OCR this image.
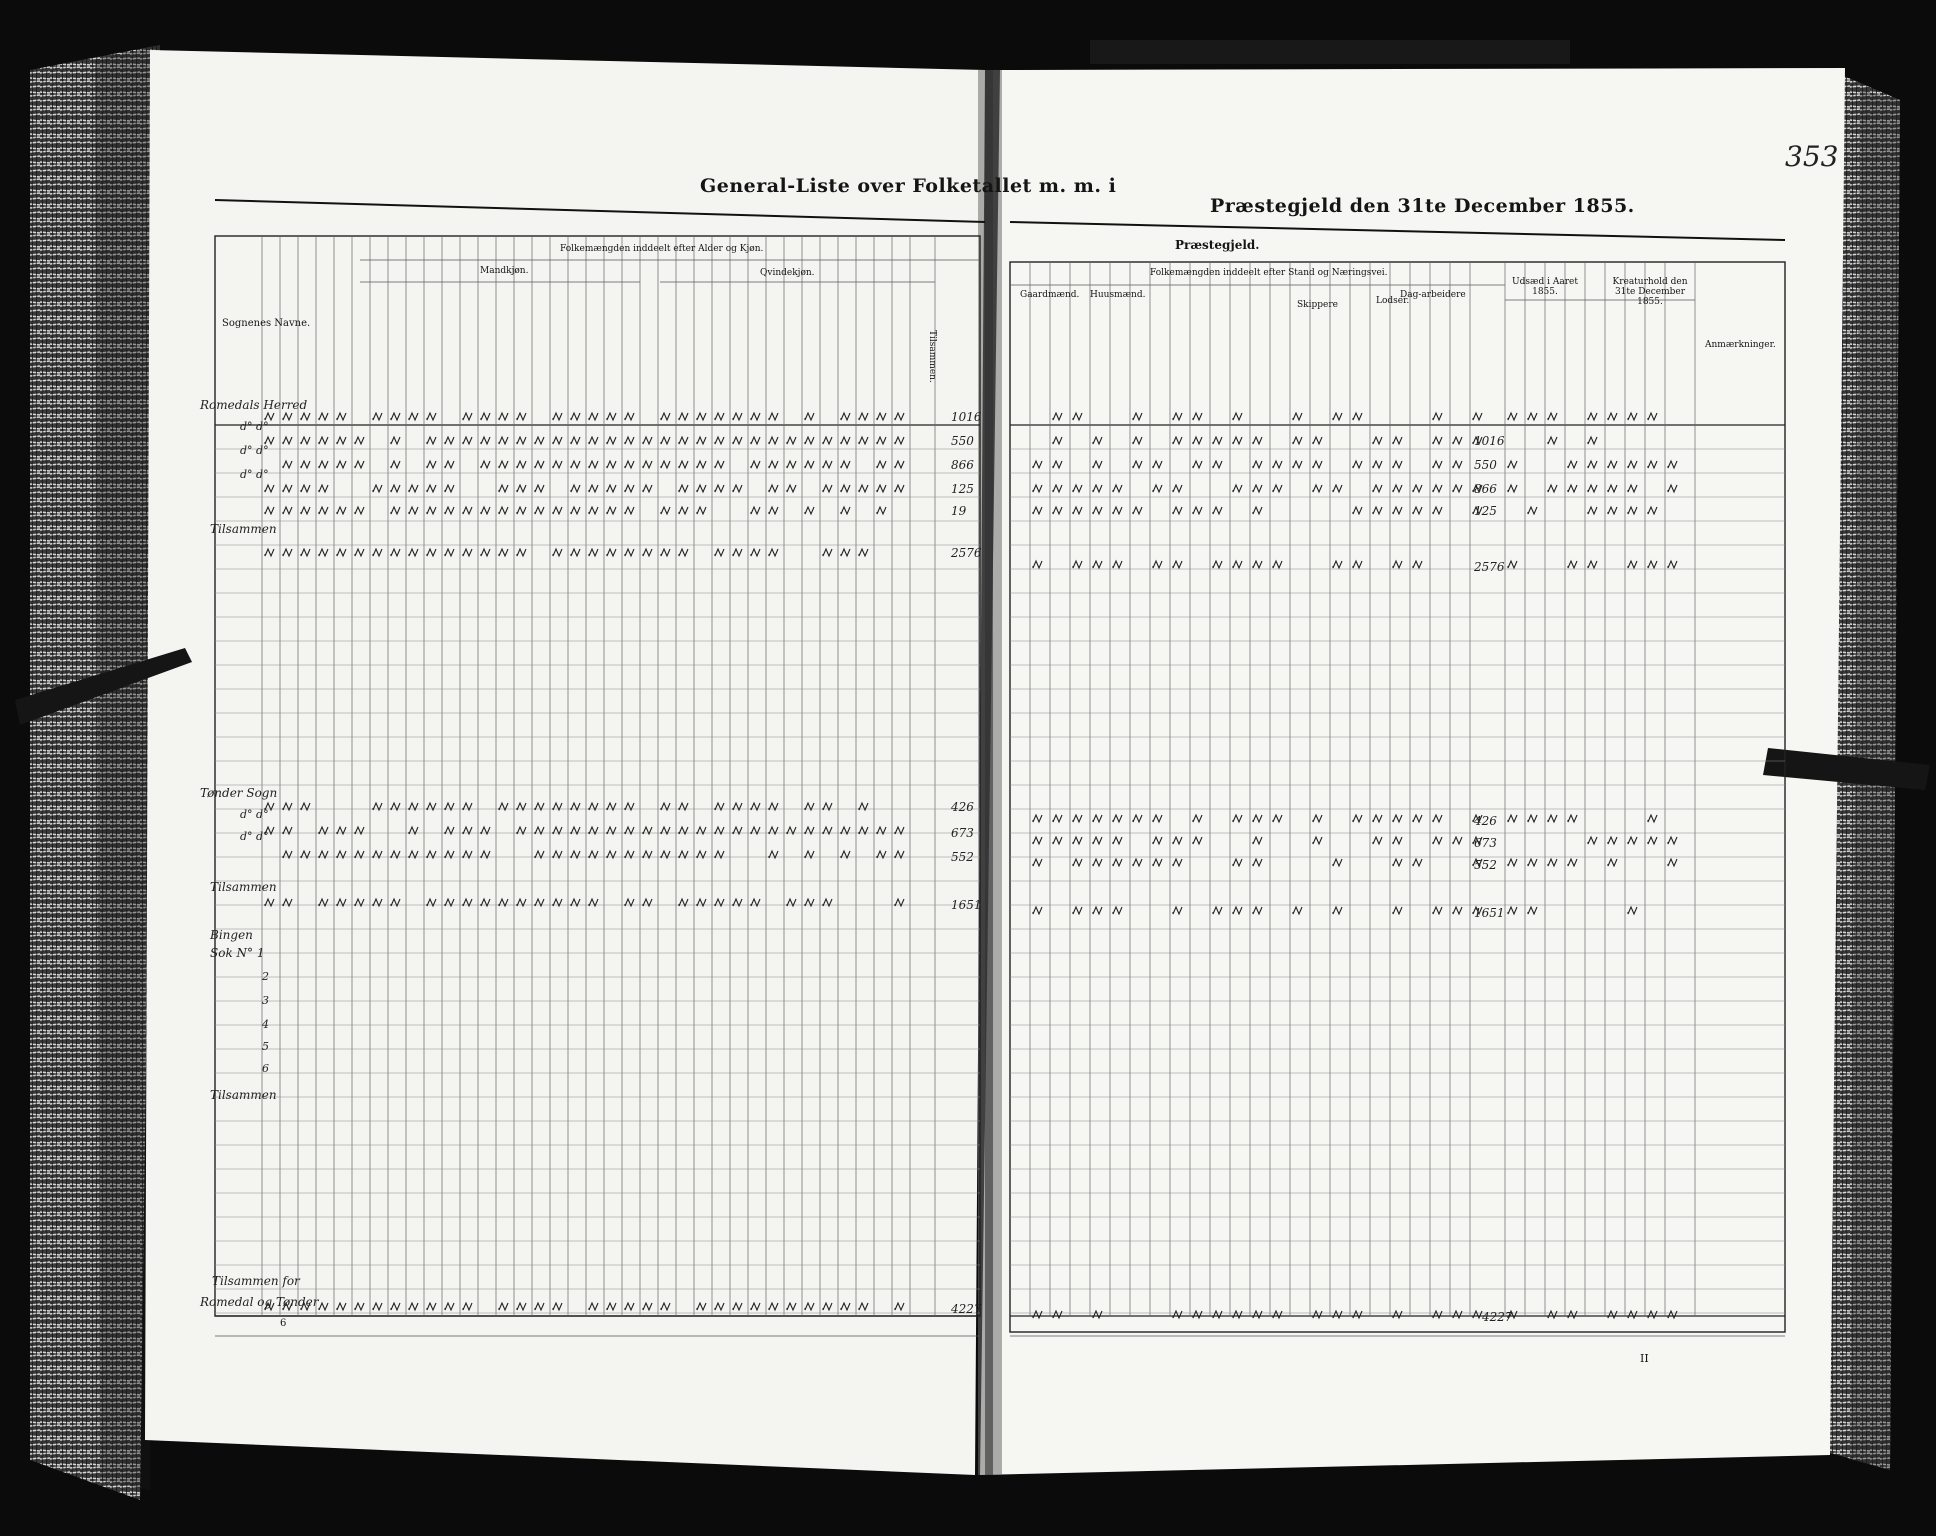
General-Liste over Folketallet m. m. i
Præstegjeld den 31te December 1855.
Præstegjeld.
353
Sognenes Navne.
Folkemængden inddeelt efter Alder og Kjøn.
Mandkjøn.	Qvindekjøn.
Tilsammen.
Folkemængden inddeelt efter Stand og Næringsvei.
Gaardmænd. Huusmænd.
Skippere	Lodser.
Dag-arbeidere
Udsæd i Aaret 1855.
Kreaturhold den 31te December 1855.
Anmærkninger.
Romedals Herred
d° d°
d° d°
d° d°
Tilsammen
Tønder Sogn
d° d°
d° d°
Tilsammen
Bingen
Sok N° 1
2
3
4
5
6
Tilsammen
Tilsammen for
Romedal og Tønder
1016
550
866
125
19
2576
426
673
552
1651
4227
1016
550
866
125
2576
426
673
552
1651
4227
6
II
